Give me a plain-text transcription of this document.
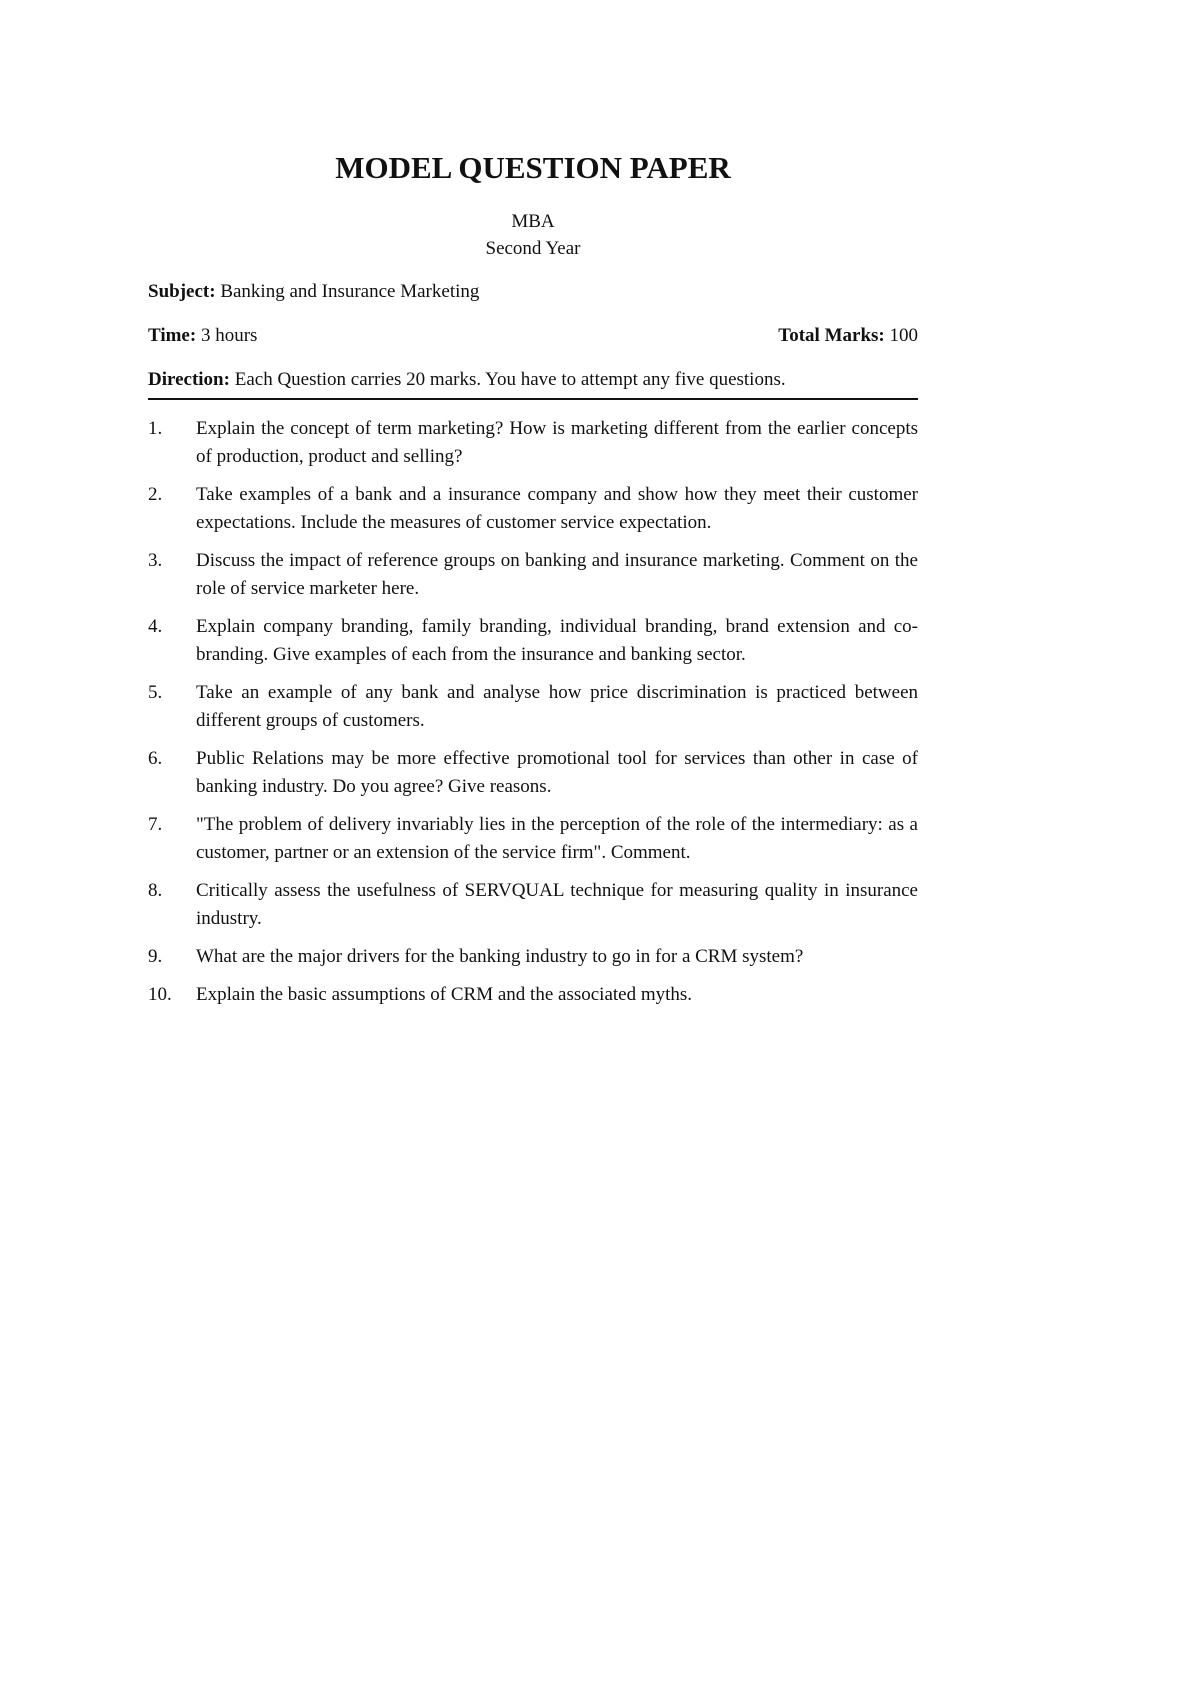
MODEL QUESTION PAPER
MBA
Second Year
Subject: Banking and Insurance Marketing
Time: 3 hours	Total Marks: 100
Direction: Each Question carries 20 marks. You have to attempt any five questions.
1.	Explain the concept of term marketing? How is marketing different from the earlier concepts of production, product and selling?
2.	Take examples of a bank and a insurance company and show how they meet their customer expectations. Include the measures of customer service expectation.
3.	Discuss the impact of reference groups on banking and insurance marketing. Comment on the role of service marketer here.
4.	Explain company branding, family branding, individual branding, brand extension and co-branding. Give examples of each from the insurance and banking sector.
5.	Take an example of any bank and analyse how price discrimination is practiced between different groups of customers.
6.	Public Relations may be more effective promotional tool for services than other in case of banking industry. Do you agree? Give reasons.
7.	"The problem of delivery invariably lies in the perception of the role of the intermediary: as a customer, partner or an extension of the service firm". Comment.
8.	Critically assess the usefulness of SERVQUAL technique for measuring quality in insurance industry.
9.	What are the major drivers for the banking industry to go in for a CRM system?
10.	Explain the basic assumptions of CRM and the associated myths.
